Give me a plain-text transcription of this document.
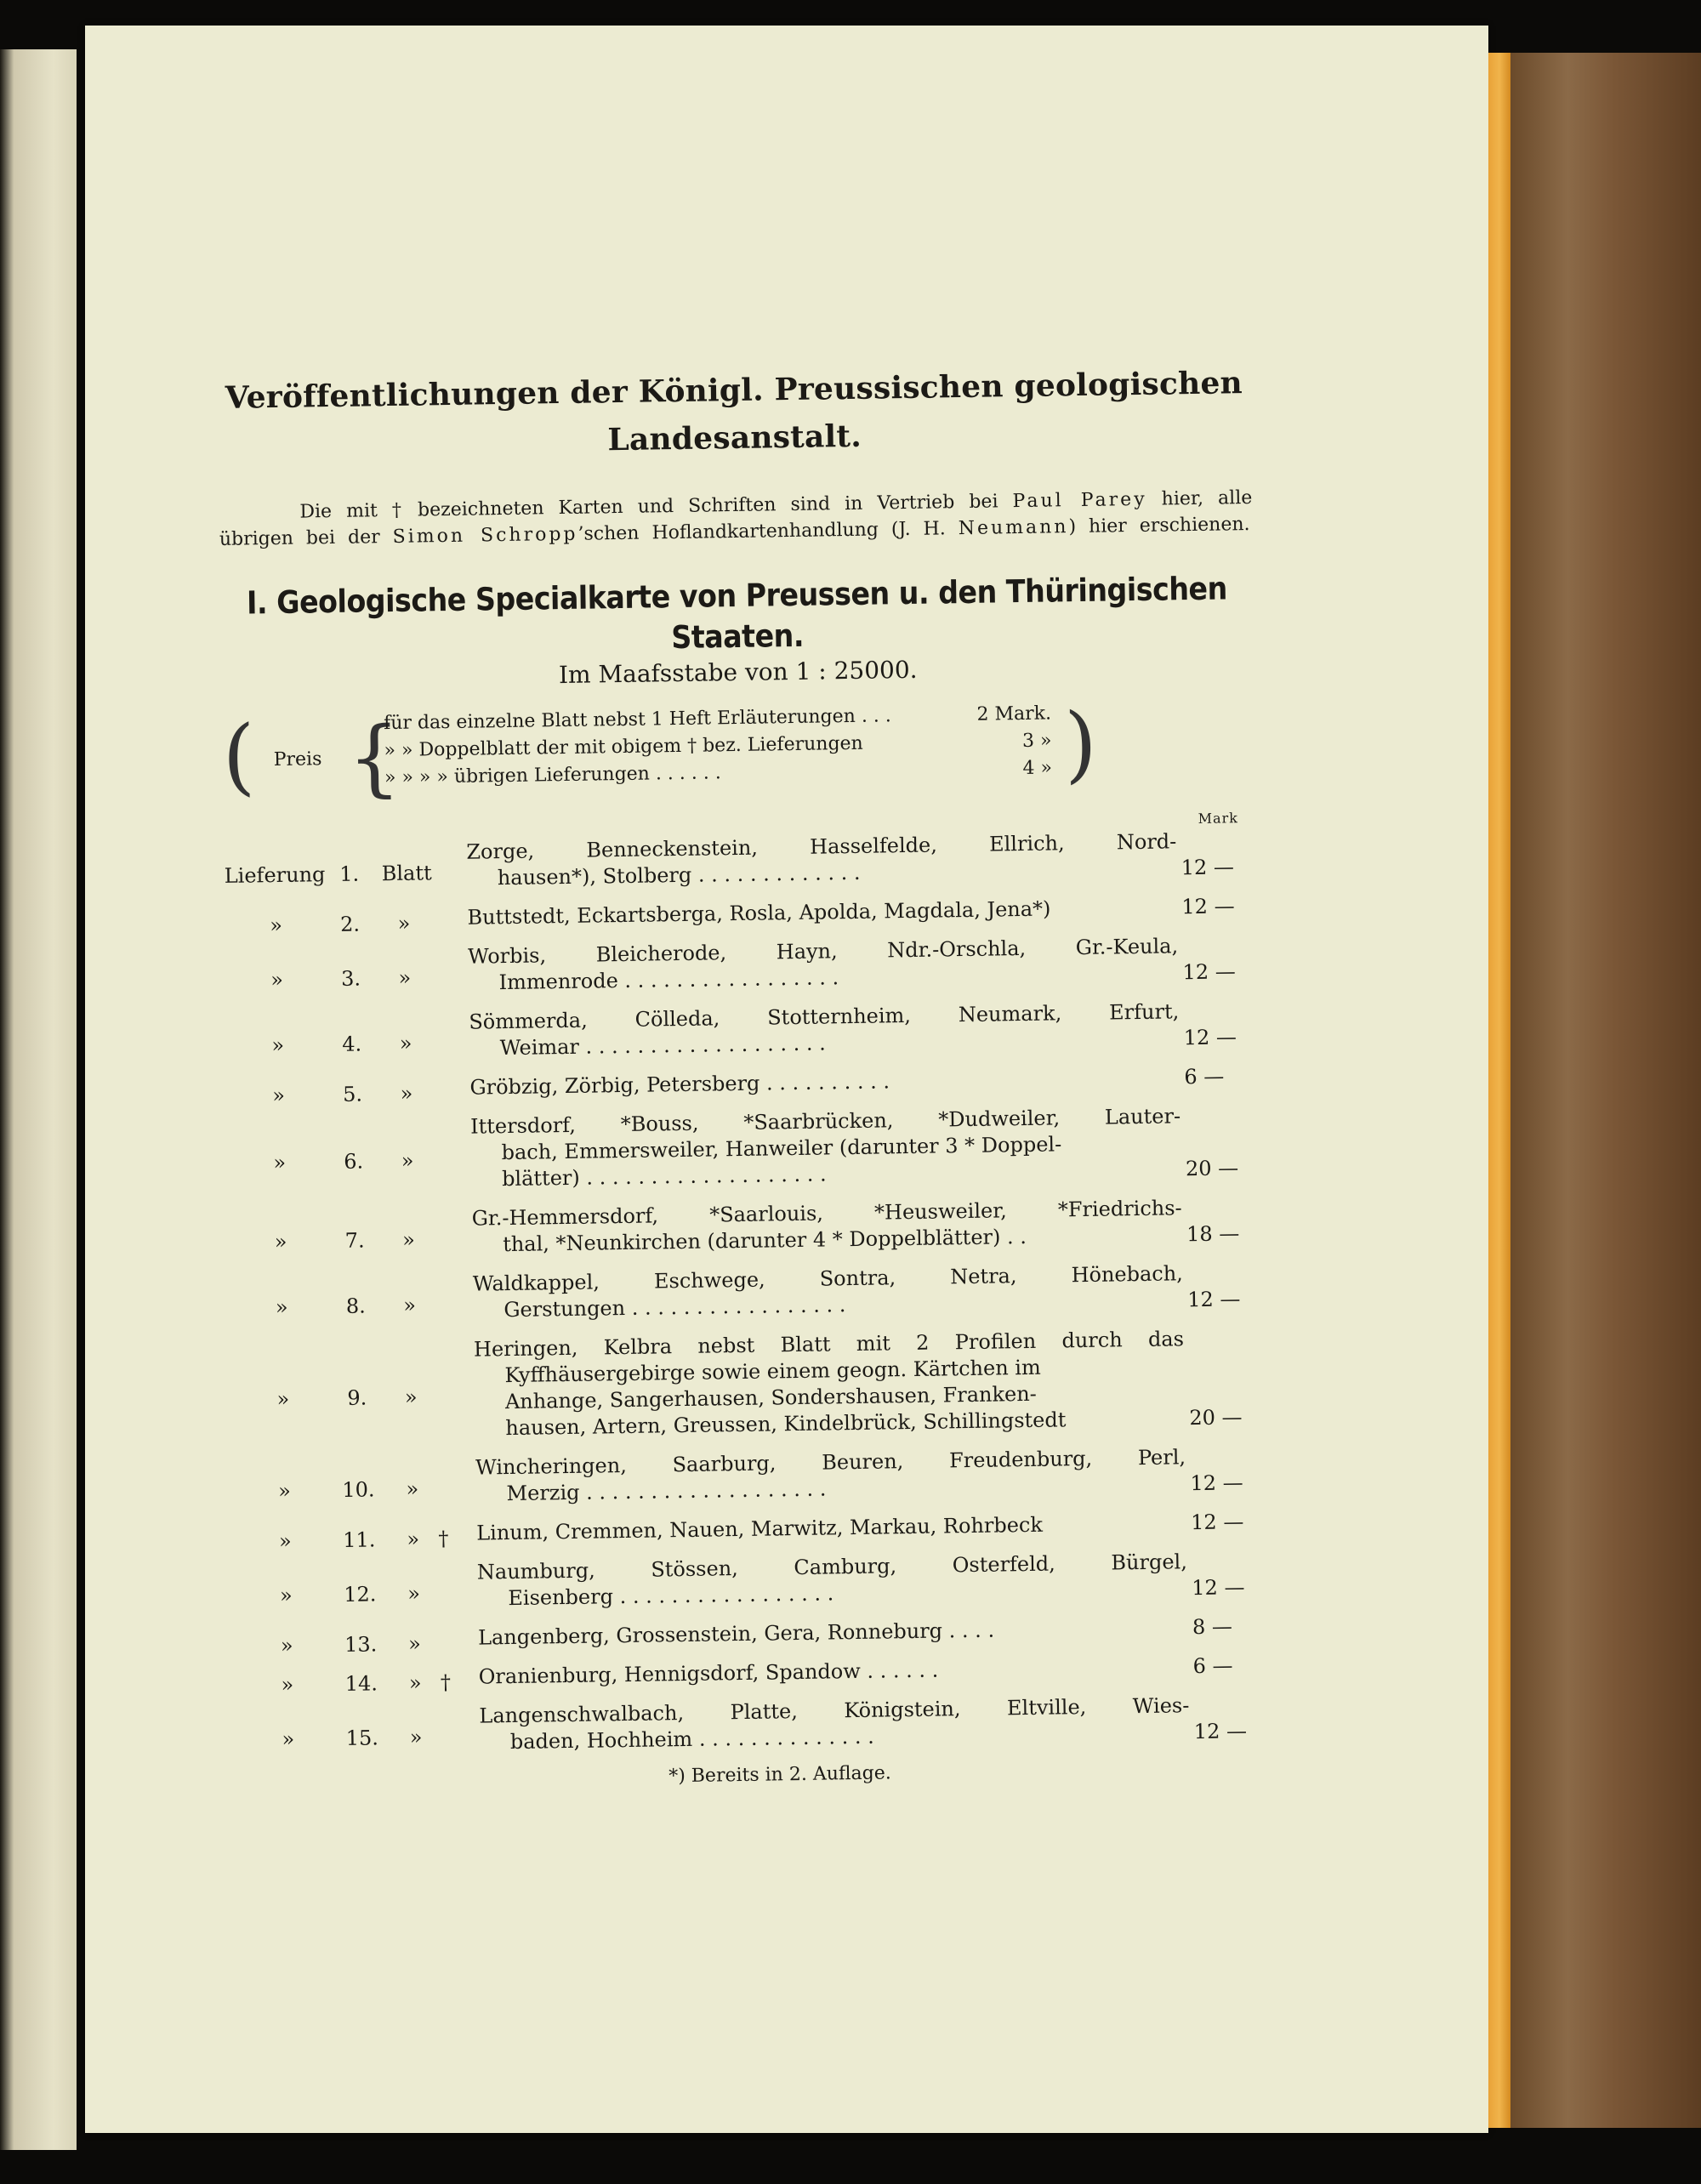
Veröffentlichungen der Königl. Preussischen geologischen
Landesanstalt.

Die mit † bezeichneten Karten und Schriften sind in Vertrieb bei Paul Parey hier, alle übrigen bei der Simon Schropp’schen Hoflandkartenhandlung (J. H. Neumann) hier erschienen.

I. Geologische Specialkarte von Preussen u. den Thüringischen Staaten.

Im Maafsstabe von 1 : 25000.

( Preis {
für das einzelne Blatt nebst 1 Heft Erläuterungen . . .	2 Mark.
» » Doppelblatt der mit obigem † bez. Lieferungen	3 »
» » » » übrigen Lieferungen . . . . . .	4 » )
Mark
Lieferung 1.	Blatt
Zorge, Benneckenstein, Hasselfelde, Ellrich, Nord-
hausen*), Stolberg . . . . . . . . . . . . .	12 —
»	2.	»	Buttstedt, Eckartsberga, Rosla, Apolda, Magdala, Jena*)	12 —
»	3.	»
Worbis, Bleicherode, Hayn, Ndr.-Orschla, Gr.-Keula,
Immenrode . . . . . . . . . . . . . . . . .	12 —
»	4.	»
Sömmerda, Cölleda, Stotternheim, Neumark, Erfurt,
Weimar . . . . . . . . . . . . . . . . . . .	12 —
»	5.	»	Gröbzig, Zörbig, Petersberg . . . . . . . . . .	6 —
»	6.	»
Ittersdorf, *Bouss, *Saarbrücken, *Dudweiler, Lauter-
bach, Emmersweiler, Hanweiler (darunter 3 * Doppel-
blätter) . . . . . . . . . . . . . . . . . . .	20 —
»	7.	»
Gr.-Hemmersdorf, *Saarlouis, *Heusweiler, *Friedrichs-
thal, *Neunkirchen (darunter 4 * Doppelblätter) . .	18 —
»	8.	»
Waldkappel, Eschwege, Sontra, Netra, Hönebach,
Gerstungen . . . . . . . . . . . . . . . . .	12 —
»	9.	»
Heringen, Kelbra nebst Blatt mit 2 Profilen durch das
Kyffhäusergebirge sowie einem geogn. Kärtchen im
Anhange, Sangerhausen, Sondershausen, Franken-
hausen, Artern, Greussen, Kindelbrück, Schillingstedt	20 —
»	10.	»
Wincheringen, Saarburg, Beuren, Freudenburg, Perl,
Merzig . . . . . . . . . . . . . . . . . . .	12 —
»	11.	» †	Linum, Cremmen, Nauen, Marwitz, Markau, Rohrbeck	12 —
»	12.	»
Naumburg, Stössen, Camburg, Osterfeld, Bürgel,
Eisenberg . . . . . . . . . . . . . . . . .	12 —
»	13.	»	Langenberg, Grossenstein, Gera, Ronneburg . . . .	8 —
»	14.	» †	Oranienburg, Hennigsdorf, Spandow . . . . . .	6 —
»	15.	»
Langenschwalbach, Platte, Königstein, Eltville, Wies-
baden, Hochheim . . . . . . . . . . . . . .	12 —

*) Bereits in 2. Auflage.
